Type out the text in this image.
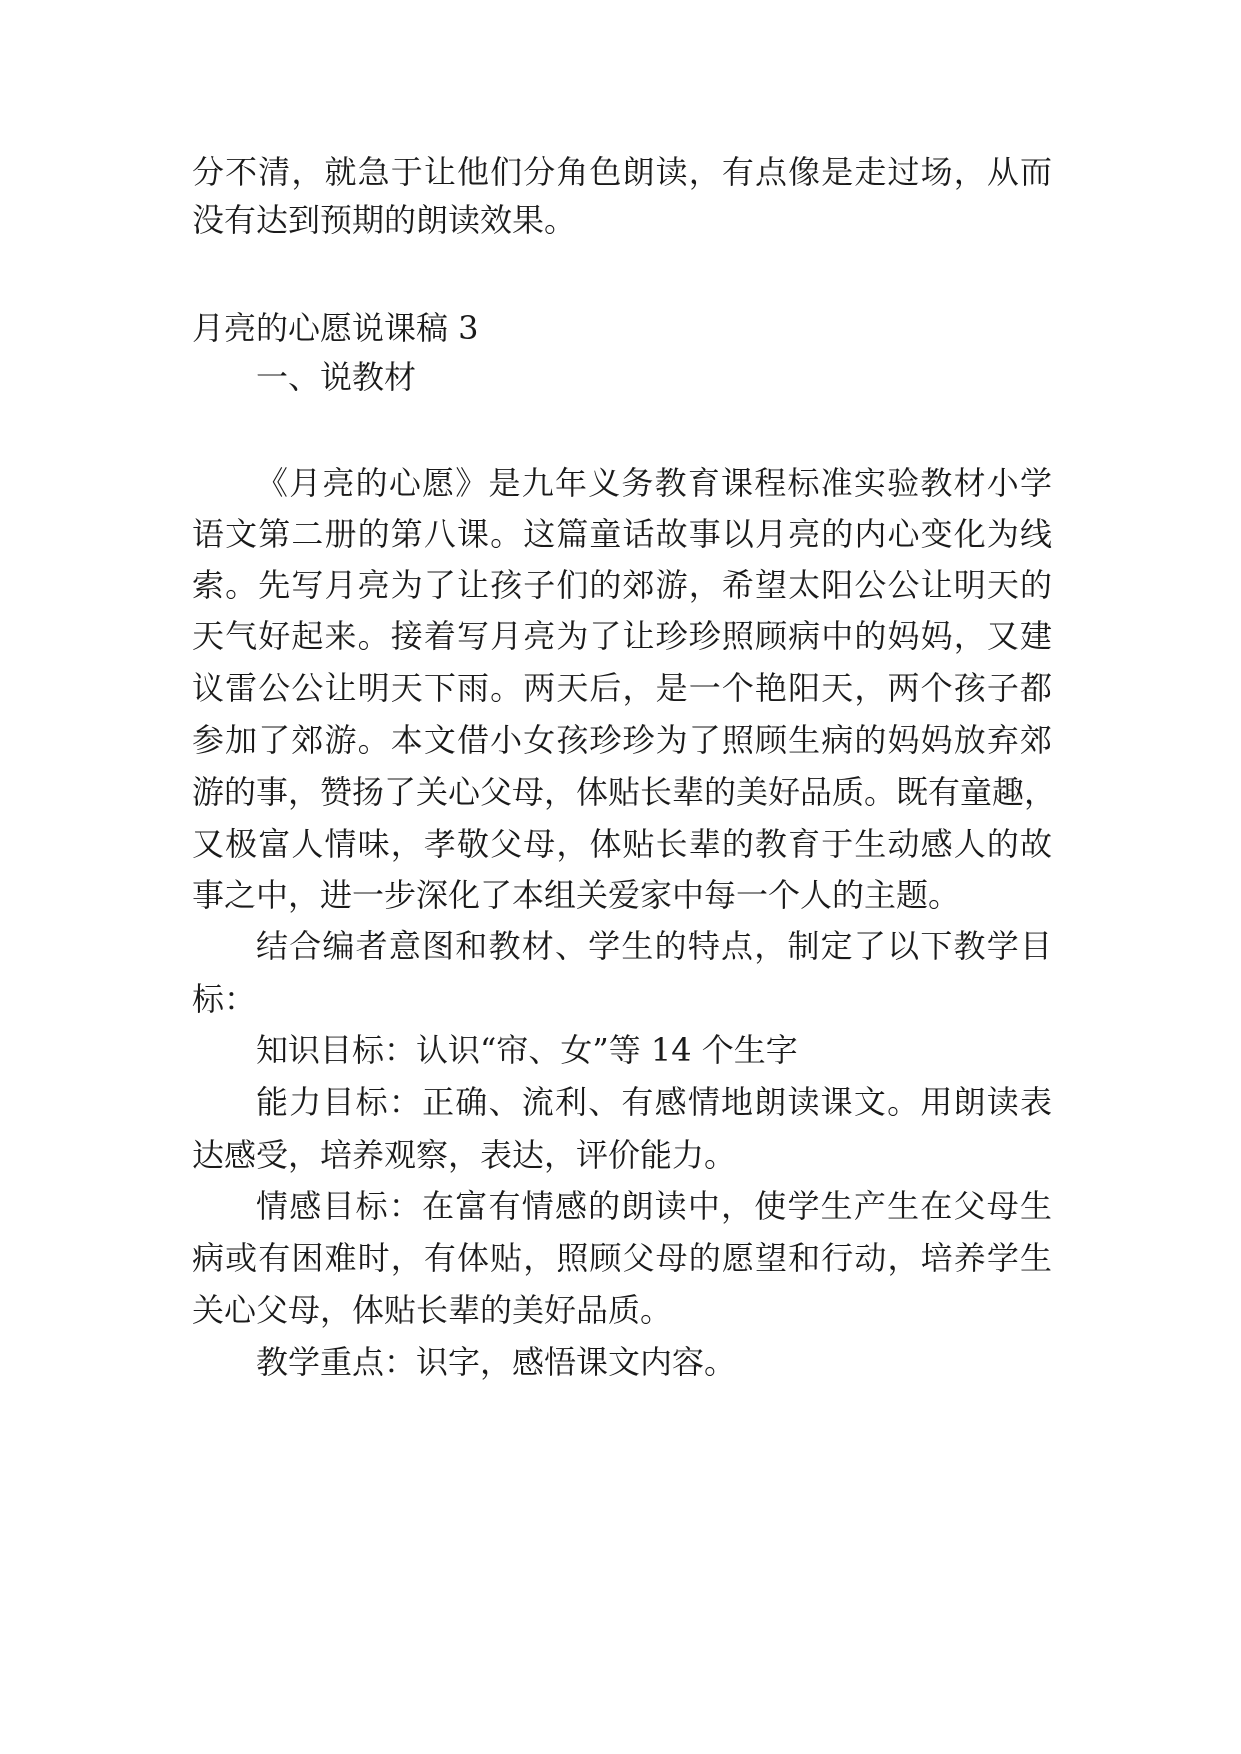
分不清，就急于让他们分角色朗读，有点像是走过场，从而
没有达到预期的朗读效果。
月亮的心愿说课稿 3
一、说教材
《月亮的心愿》是九年义务教育课程标准实验教材小学
语文第二册的第八课。这篇童话故事以月亮的内心变化为线
索。先写月亮为了让孩子们的郊游，希望太阳公公让明天的
天气好起来。接着写月亮为了让珍珍照顾病中的妈妈，又建
议雷公公让明天下雨。两天后，是一个艳阳天，两个孩子都
参加了郊游。本文借小女孩珍珍为了照顾生病的妈妈放弃郊
游的事，赞扬了关心父母，体贴长辈的美好品质。既有童趣，
又极富人情味，孝敬父母，体贴长辈的教育于生动感人的故
事之中，进一步深化了本组关爱家中每一个人的主题。
结合编者意图和教材、学生的特点，制定了以下教学目
标：
知识目标：认识“帘、女”等 14 个生字
能力目标：正确、流利、有感情地朗读课文。用朗读表
达感受，培养观察，表达，评价能力。
情感目标：在富有情感的朗读中，使学生产生在父母生
病或有困难时，有体贴，照顾父母的愿望和行动，培养学生
关心父母，体贴长辈的美好品质。
教学重点：识字，感悟课文内容。
